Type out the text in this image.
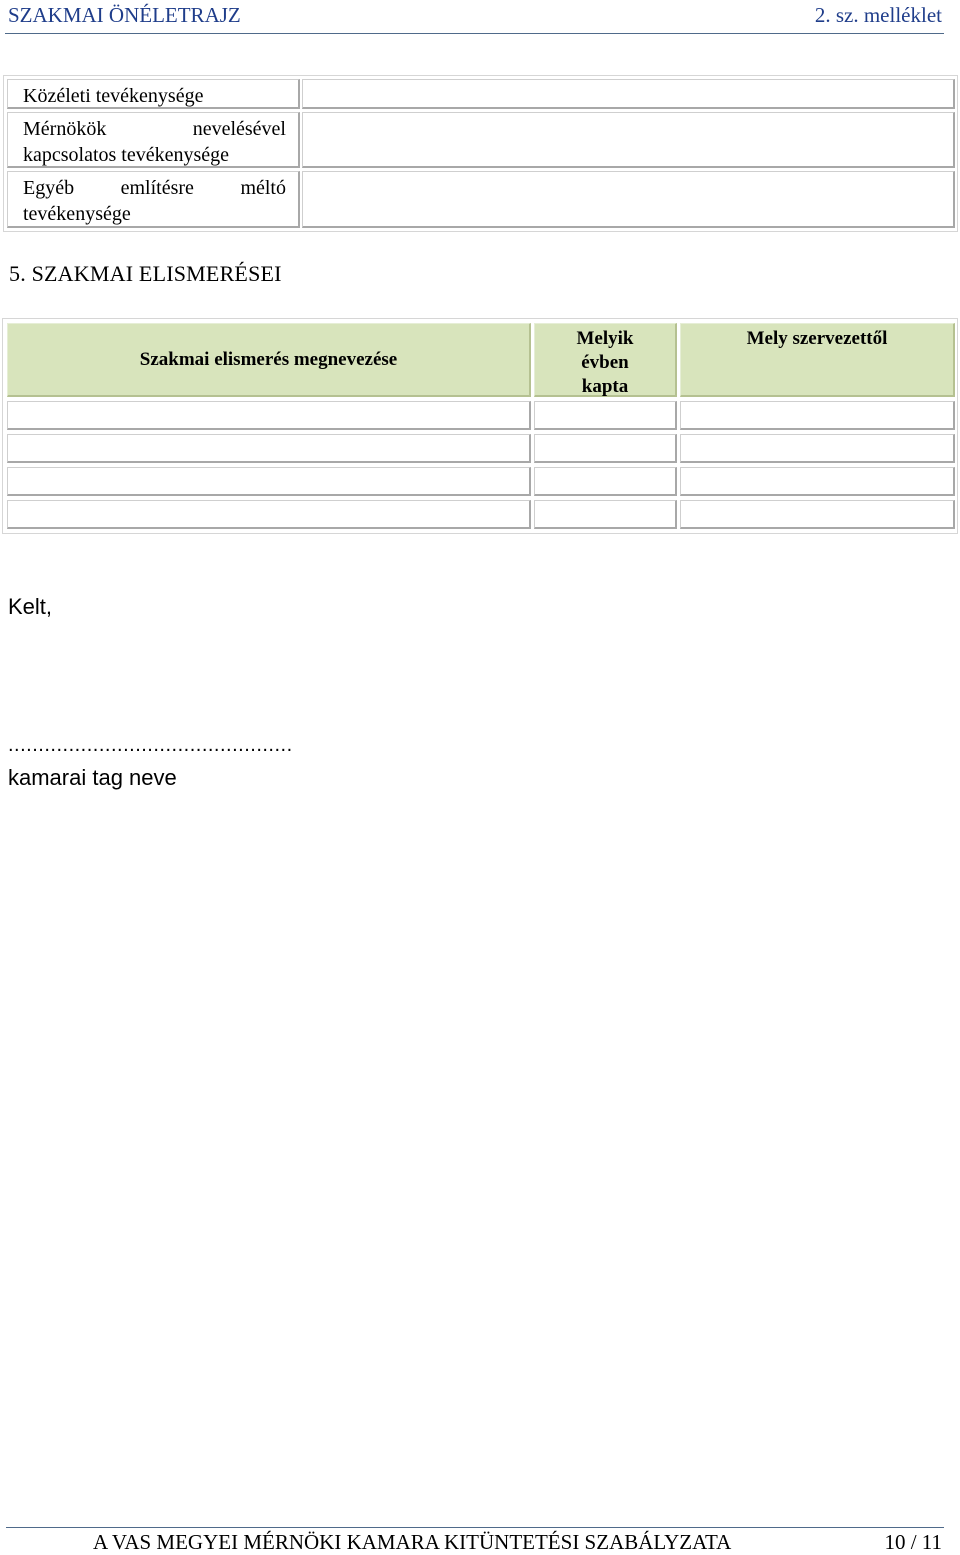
SZAKMAI ÖNÉLETRAJZ	2. sz. melléklet
Közéleti tevékenysége
Mérnökök nevelésével kapcsolatos tevékenysége
Egyéb említésre méltó tevékenysége
5. SZAKMAI ELISMERÉSEI
Szakmai elismerés megnevezése
Melyik évben kapta
Mely szervezettől
Kelt,
...............................................
kamarai tag neve
A VAS MEGYEI MÉRNÖKI KAMARA KITÜNTETÉSI SZABÁLYZATA	10 / 11
